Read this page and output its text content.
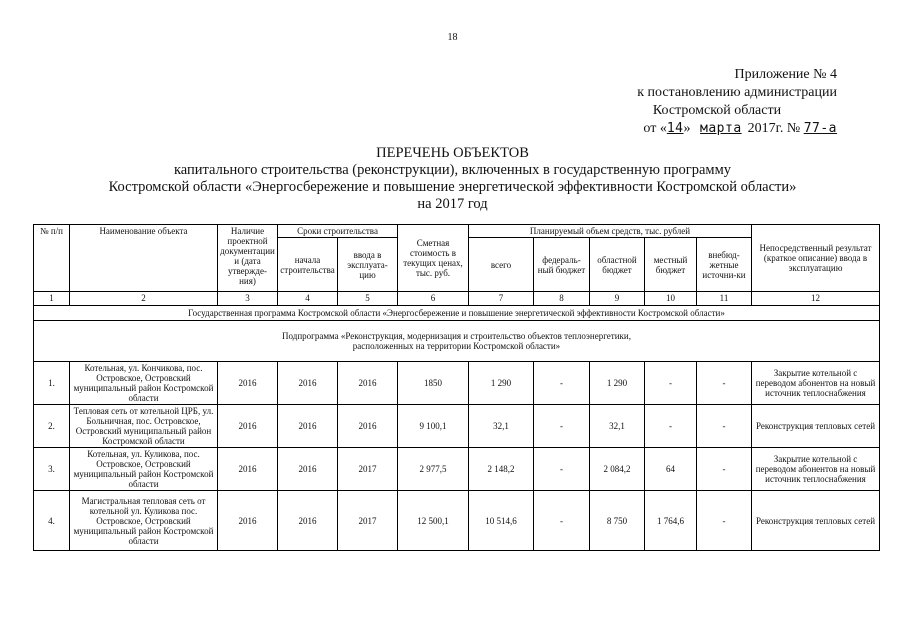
18
Приложение № 4
к постановлению администрации
Костромской области
от «14» марта 2017г. № 77-а
ПЕРЕЧЕНЬ ОБЪЕКТОВ
капитального строительства (реконструкции), включенных в государственную программу
Костромской области «Энергосбережение и повышение энергетической эффективности Костромской области»
на 2017 год
№ п/п	Наименование объекта	Наличие проектной документации и (дата утвержде-ния)	Сроки строительства		Сметная стоимость в текущих ценах, тыс. руб.	Планируемый объем средств, тыс. рублей					Непосредственный результат (краткое описание) ввода в эксплуатацию
			начала строительства	ввода в эксплуата-цию		всего	федераль-ный бюджет	областной бюджет	местный бюджет	внебюд-жетные источни-ки	
1	2	3	4	5	6	7	8	9	10	11	12
Государственная программа Костромской области «Энергосбережение и повышение энергетической эффективности Костромской области»											
Подпрограмма «Реконструкция, модернизация и строительство объектов теплоэнергетики, расположенных на территории Костромской области»											
1.	Котельная, ул. Кончикова, пос. Островское, Островский муниципальный район Костромской области	2016	2016	2016	1850	1 290	-	1 290	-	-	Закрытие котельной с переводом абонентов на новый источник теплоснабжения
2.	Тепловая сеть от котельной ЦРБ, ул. Больничная, пос. Островское, Островский муниципальный район Костромской области	2016	2016	2016	9 100,1	32,1	-	32,1	-	-	Реконструкция тепловых сетей
3.	Котельная, ул. Куликова, пос. Островское, Островский муниципальный район Костромской области	2016	2016	2017	2 977,5	2 148,2	-	2 084,2	64	-	Закрытие котельной с переводом абонентов на новый источник теплоснабжения
4.	Магистральная тепловая сеть от котельной ул. Куликова пос. Островское, Островский муниципальный район Костромской области	2016	2016	2017	12 500,1	10 514,6	-	8 750	1 764,6	-	Реконструкция тепловых сетей
